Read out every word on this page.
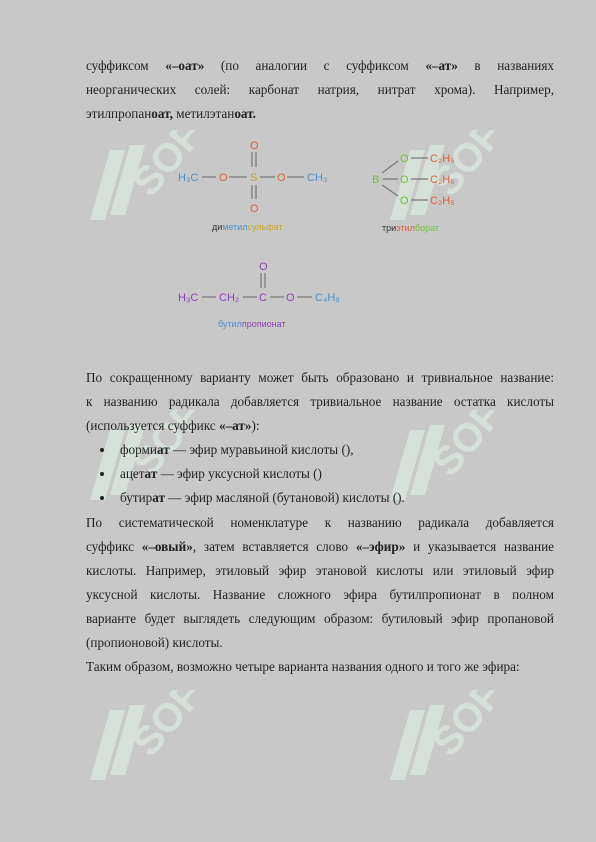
SOFF	SOFF
SOFF	SOFF
SOFF	SOFF
суффиксом «–оат» (по аналогии с суффиксом «–ат» в названиях
неорганических солей: карбонат натрия, нитрат хрома). Например,
этилпропаноат, метилэтаноат.
H₃C O S O CH₃
O
O
диметилсульфат
B
O
O
O
C₂H₅
C₂H₅
C₂H₅
триэтилборат
H₃C CH₂ C
O
O C₄H₉
бутилпропионат
По сокращенному варианту может быть образовано и тривиальное название:
к названию радикала добавляется тривиальное название остатка кислоты
(используется суффикс «–ат»):
формиат — эфир муравьиной кислоты (),
ацетат — эфир уксусной кислоты ()
бутират — эфир масляной (бутановой) кислоты ().
По систематической номенклатуре к названию радикала добавляется
суффикс «–овый», затем вставляется слово «–эфир» и указывается название
кислоты. Например, этиловый эфир этановой кислоты или этиловый эфир
уксусной кислоты. Название сложного эфира бутилпропионат в полном
варианте будет выглядеть следующим образом: бутиловый эфир пропановой
(пропионовой) кислоты.
Таким образом, возможно четыре варианта названия одного и того же эфира:
